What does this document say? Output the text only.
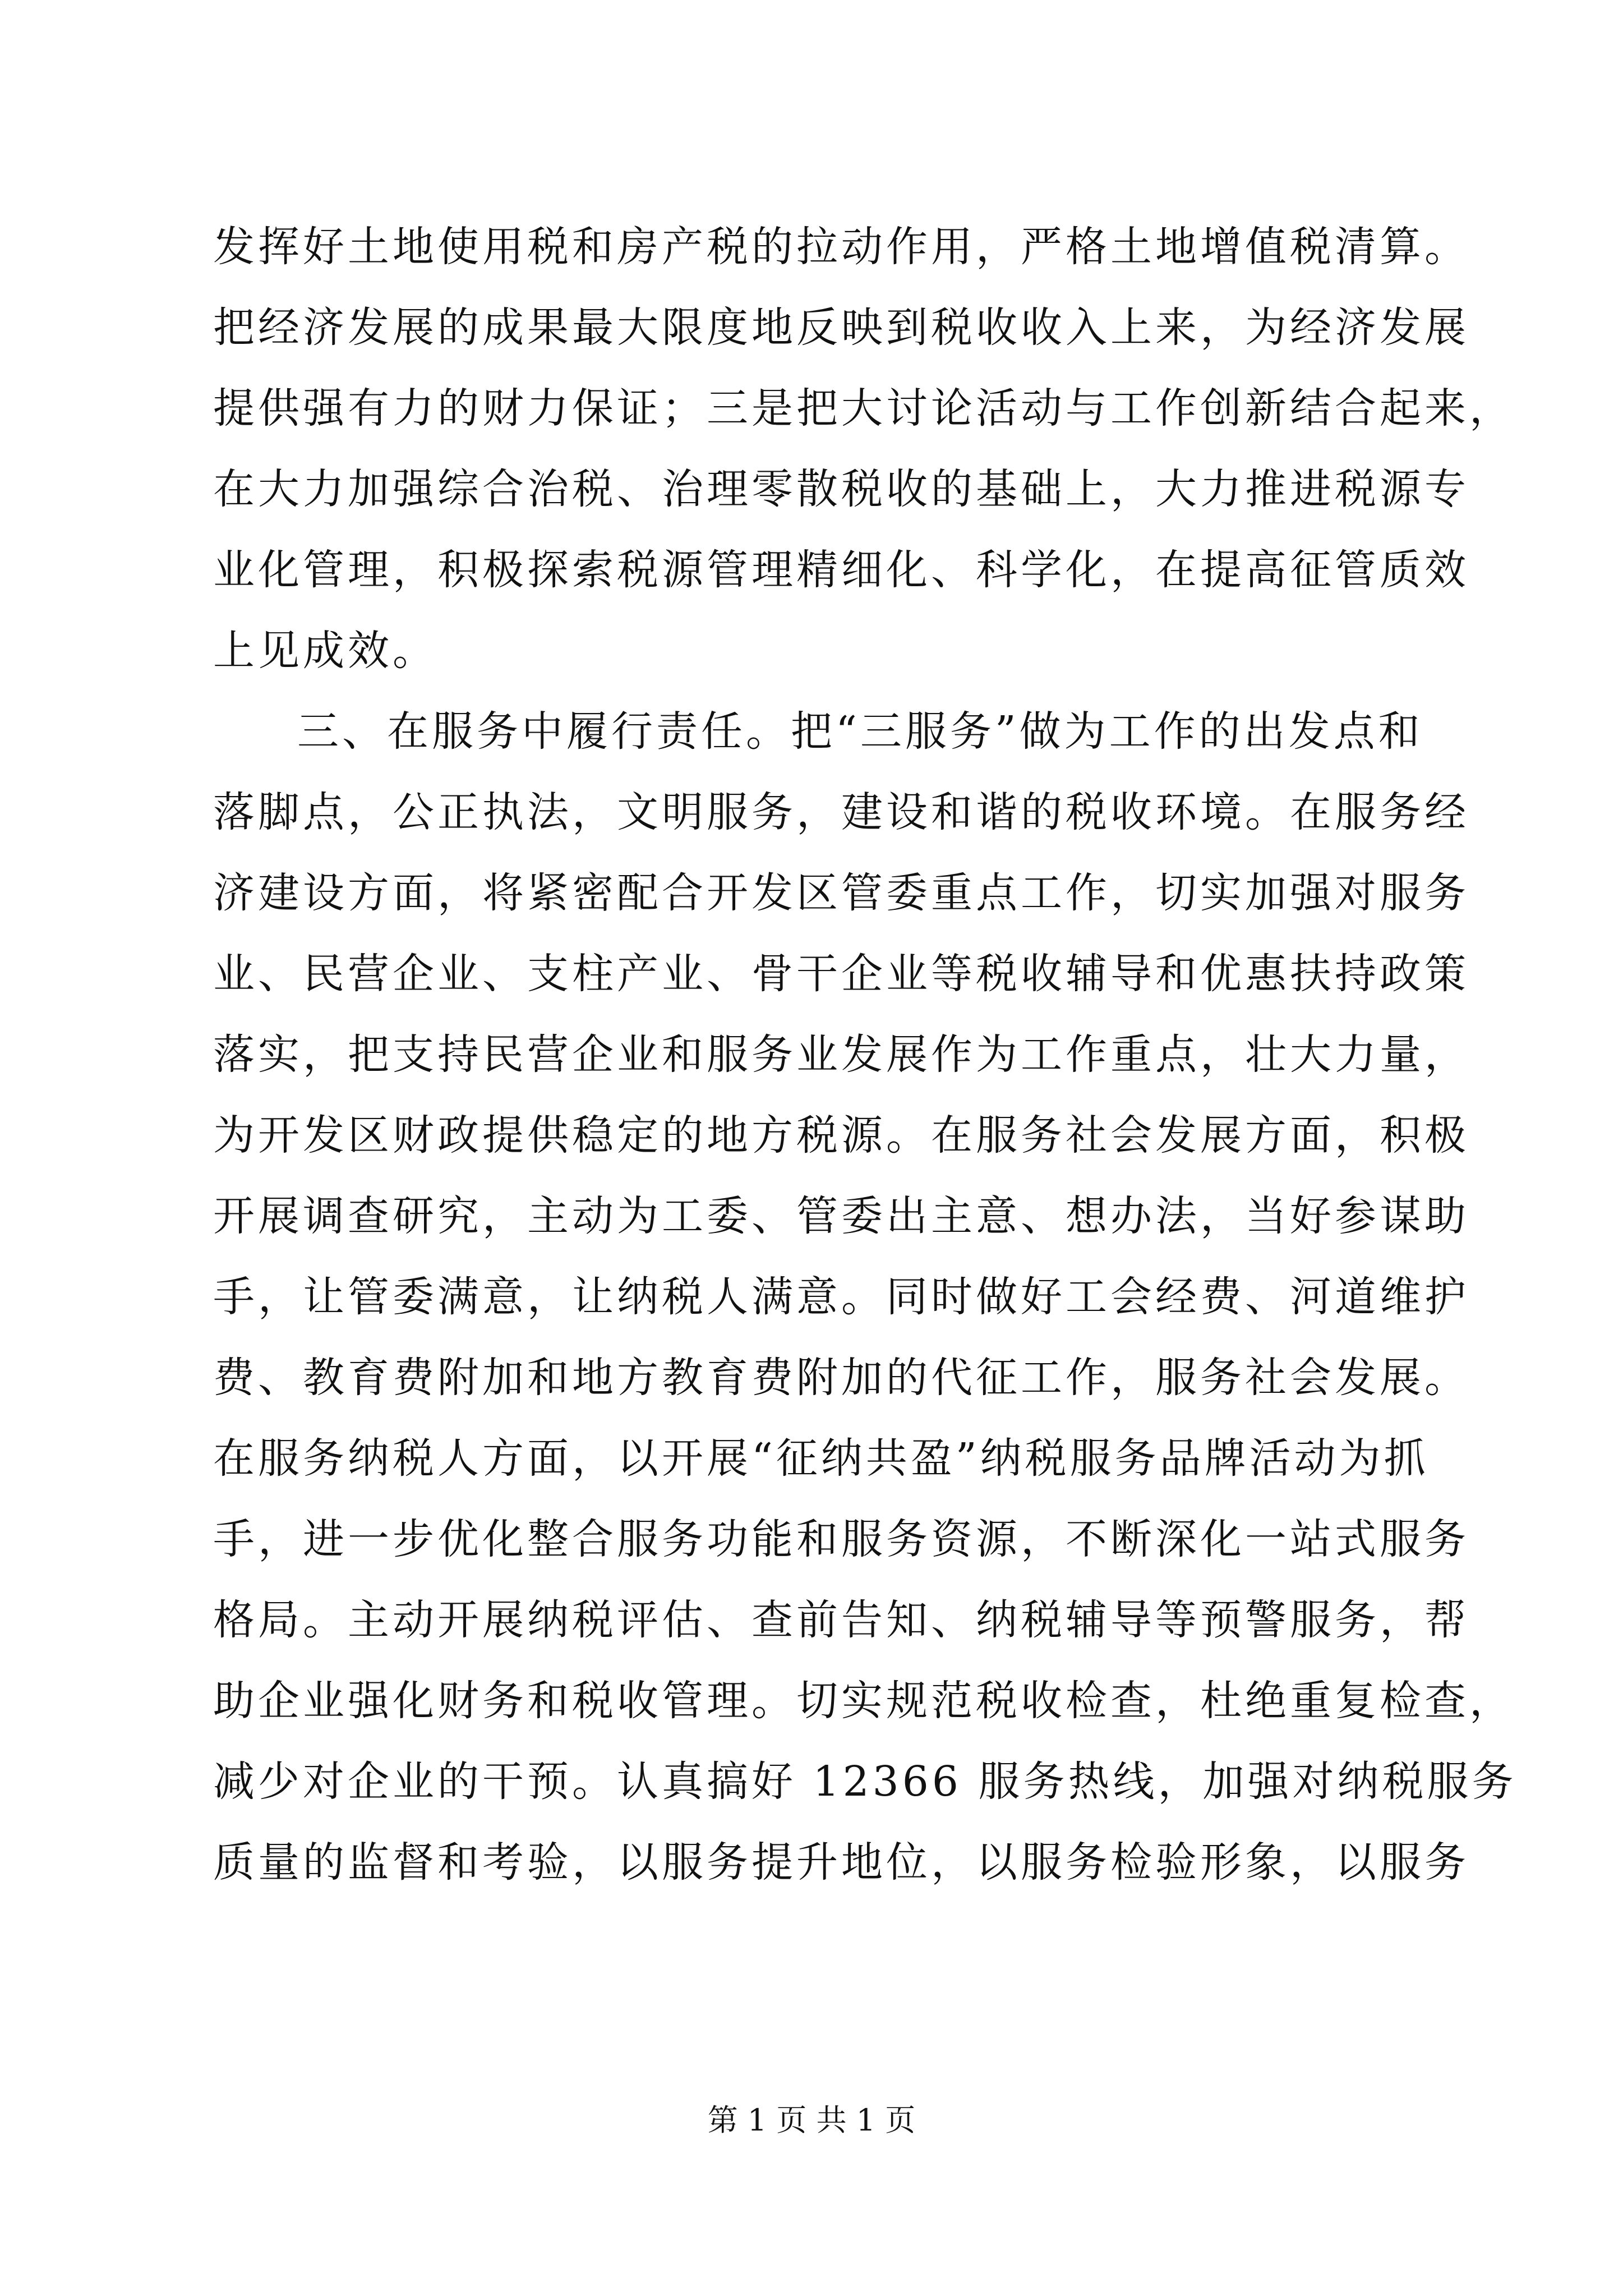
发挥好土地使用税和房产税的拉动作用，严格土地增值税清算。
把经济发展的成果最大限度地反映到税收收入上来，为经济发展
提供强有力的财力保证；三是把大讨论活动与工作创新结合起来，
在大力加强综合治税、治理零散税收的基础上，大力推进税源专
业化管理，积极探索税源管理精细化、科学化，在提高征管质效
上见成效。
三、在服务中履行责任。把“三服务”做为工作的出发点和
落脚点，公正执法，文明服务，建设和谐的税收环境。在服务经
济建设方面，将紧密配合开发区管委重点工作，切实加强对服务
业、民营企业、支柱产业、骨干企业等税收辅导和优惠扶持政策
落实，把支持民营企业和服务业发展作为工作重点，壮大力量，
为开发区财政提供稳定的地方税源。在服务社会发展方面，积极
开展调查研究，主动为工委、管委出主意、想办法，当好参谋助
手，让管委满意，让纳税人满意。同时做好工会经费、河道维护
费、教育费附加和地方教育费附加的代征工作，服务社会发展。
在服务纳税人方面，以开展“征纳共盈”纳税服务品牌活动为抓
手，进一步优化整合服务功能和服务资源，不断深化一站式服务
格局。主动开展纳税评估、查前告知、纳税辅导等预警服务，帮
助企业强化财务和税收管理。切实规范税收检查，杜绝重复检查，
减少对企业的干预。认真搞好 12366 服务热线，加强对纳税服务
质量的监督和考验，以服务提升地位，以服务检验形象，以服务
第 1 页 共 1 页
